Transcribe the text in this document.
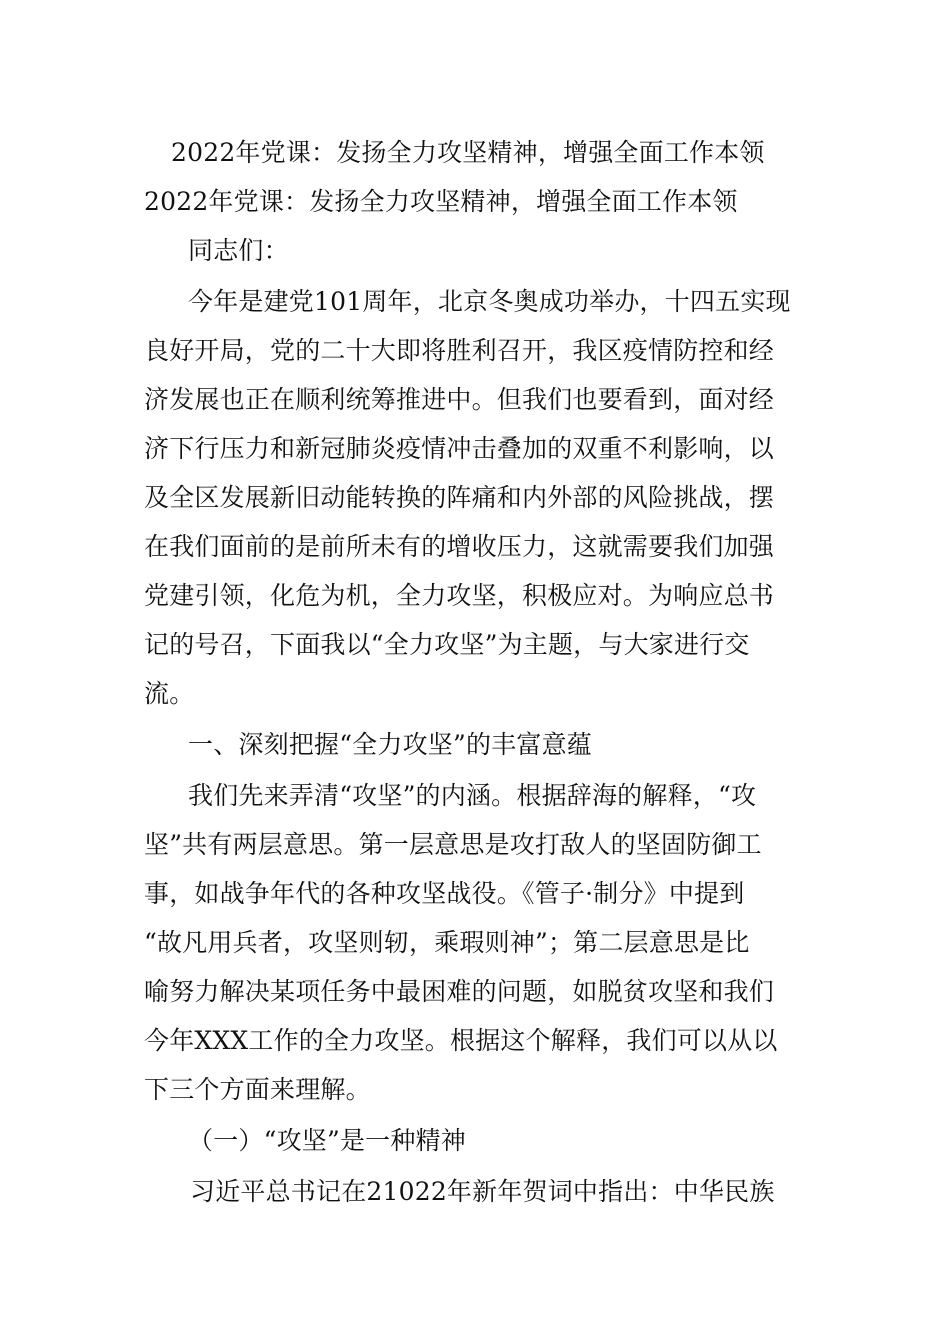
2022年党课：发扬全力攻坚精神，增强全面工作本领
2022年党课：发扬全力攻坚精神，增强全面工作本领
同志们：
今年是建党101周年，北京冬奥成功举办，十四五实现
良好开局，党的二十大即将胜利召开，我区疫情防控和经
济发展也正在顺利统筹推进中。但我们也要看到，面对经
济下行压力和新冠肺炎疫情冲击叠加的双重不利影响，以
及全区发展新旧动能转换的阵痛和内外部的风险挑战，摆
在我们面前的是前所未有的增收压力，这就需要我们加强
党建引领，化危为机，全力攻坚，积极应对。为响应总书
记的号召，下面我以“全力攻坚”为主题，与大家进行交
流。
一、深刻把握“全力攻坚”的丰富意蕴
我们先来弄清“攻坚”的内涵。根据辞海的解释，“攻
坚”共有两层意思。第一层意思是攻打敌人的坚固防御工
事，如战争年代的各种攻坚战役。《管子·制分》中提到
“故凡用兵者，攻坚则轫，乘瑕则神”；第二层意思是比
喻努力解决某项任务中最困难的问题，如脱贫攻坚和我们
今年XXX工作的全力攻坚。根据这个解释，我们可以从以
下三个方面来理解。
（一）“攻坚”是一种精神
习近平总书记在21022年新年贺词中指出：中华民族
